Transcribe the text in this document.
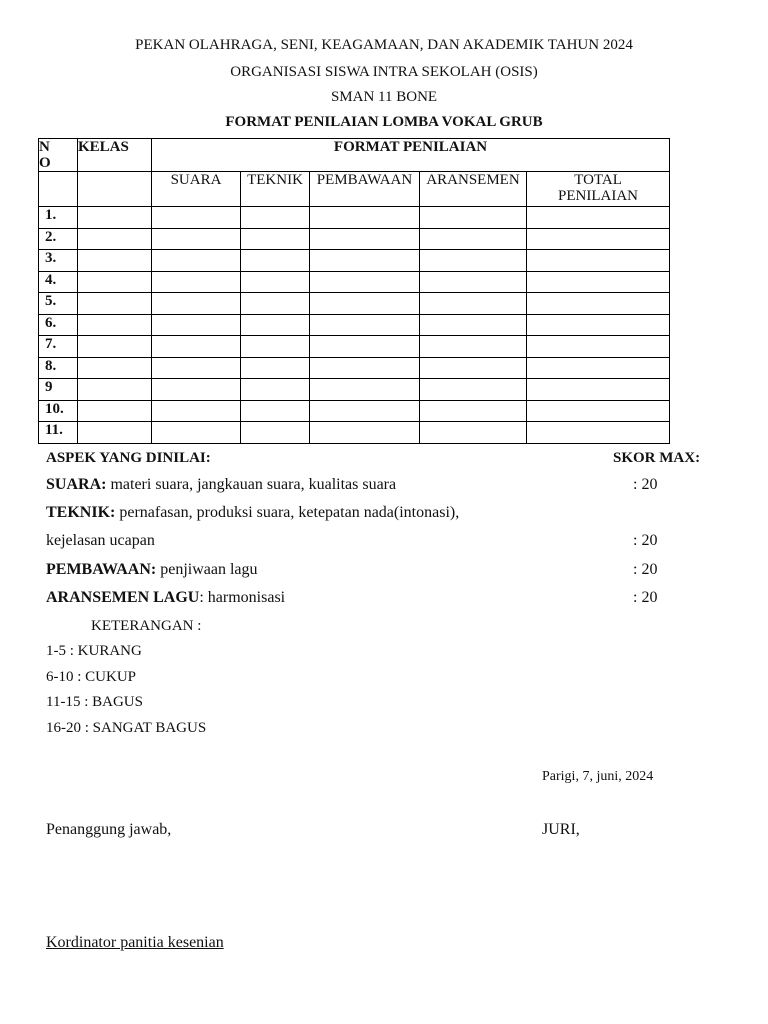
PEKAN OLAHRAGA, SENI, KEAGAMAAN, DAN AKADEMIK TAHUN 2024
ORGANISASI SISWA INTRA SEKOLAH (OSIS)
SMAN 11 BONE
FORMAT PENILAIAN LOMBA VOKAL GRUB
N
O	KELAS	FORMAT PENILAIAN				
		SUARA	TEKNIK	PEMBAWAAN	ARANSEMEN	TOTAL PENILAIAN
1.						
2.						
3.						
4.						
5.						
6.						
7.						
8.						
9						
10.						
11.						
ASPEK YANG DINILAI:	SKOR MAX:
SUARA: materi suara, jangkauan suara, kualitas suara	: 20
TEKNIK: pernafasan, produksi suara, ketepatan nada(intonasi),
kejelasan ucapan	: 20
PEMBAWAAN: penjiwaan lagu	: 20
ARANSEMEN LAGU: harmonisasi	: 20
KETERANGAN :
1-5 : KURANG
6-10 : CUKUP
11-15 : BAGUS
16-20 : SANGAT BAGUS
Parigi, 7, juni, 2024
Penanggung jawab,	JURI,
Kordinator panitia kesenian
